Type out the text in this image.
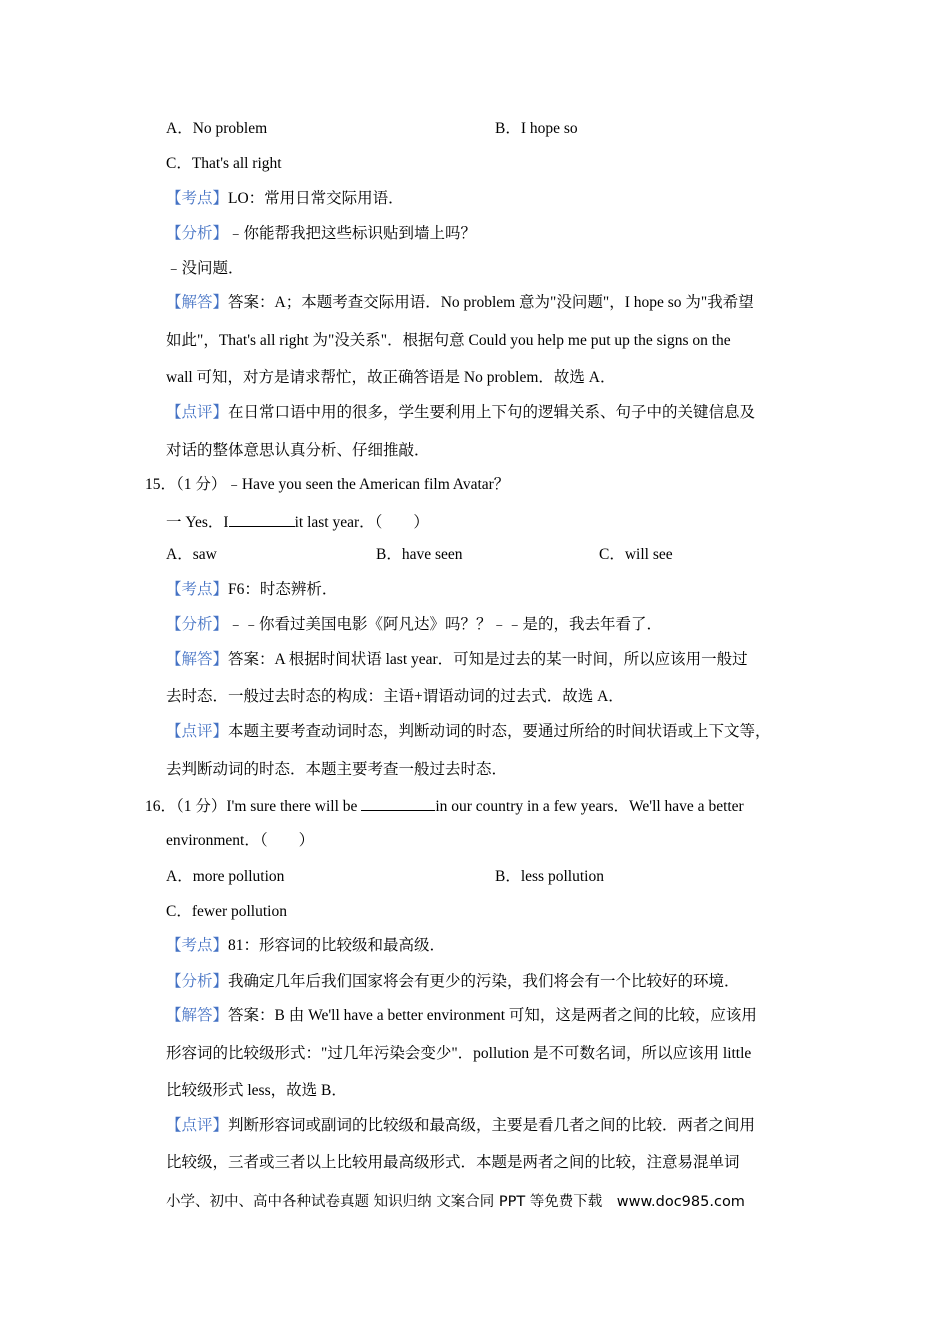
A．No problem	B．I hope so
C．That's all right
【考点】LO：常用日常交际用语．
【分析】﹣你能帮我把这些标识贴到墙上吗？
﹣没问题．
【解答】答案：A；本题考查交际用语．No problem 意为"没问题"，I hope so 为"我希望
如此"，That's all right 为"没关系"．根据句意 Could you help me put up the signs on the
wall 可知，对方是请求帮忙，故正确答语是 No problem．故选 A．
【点评】在日常口语中用的很多，学生要利用上下句的逻辑关系、句子中的关键信息及
对话的整体意思认真分析、仔细推敲．
15．（1 分）﹣Have you seen the American film Avatar？
一 Yes．I	it last year．（　　）
A．saw	B．have seen	C．will see
【考点】F6：时态辨析．
【分析】﹣﹣你看过美国电影《阿凡达》吗？？﹣﹣是的，我去年看了．
【解答】答案：A 根据时间状语 last year．可知是过去的某一时间，所以应该用一般过
去时态．一般过去时态的构成：主语+谓语动词的过去式．故选 A．
【点评】本题主要考查动词时态，判断动词的时态，要通过所给的时间状语或上下文等，
去判断动词的时态．本题主要考查一般过去时态．
16．（1 分）I'm sure there will be	in our country in a few years．We'll have a better
environment．（　　）
A．more pollution	B．less pollution
C．fewer pollution
【考点】81：形容词的比较级和最高级．
【分析】我确定几年后我们国家将会有更少的污染，我们将会有一个比较好的环境．
【解答】答案：B 由 We'll have a better environment 可知，这是两者之间的比较，应该用
形容词的比较级形式："过几年污染会变少"．pollution 是不可数名词，所以应该用 little
比较级形式 less，故选 B．
【点评】判断形容词或副词的比较级和最高级，主要是看几者之间的比较．两者之间用
比较级，三者或三者以上比较用最高级形式．本题是两者之间的比较，注意易混单词
小学、初中、高中各种试卷真题 知识归纳 文案合同 PPT 等免费下载　www.doc985.com
